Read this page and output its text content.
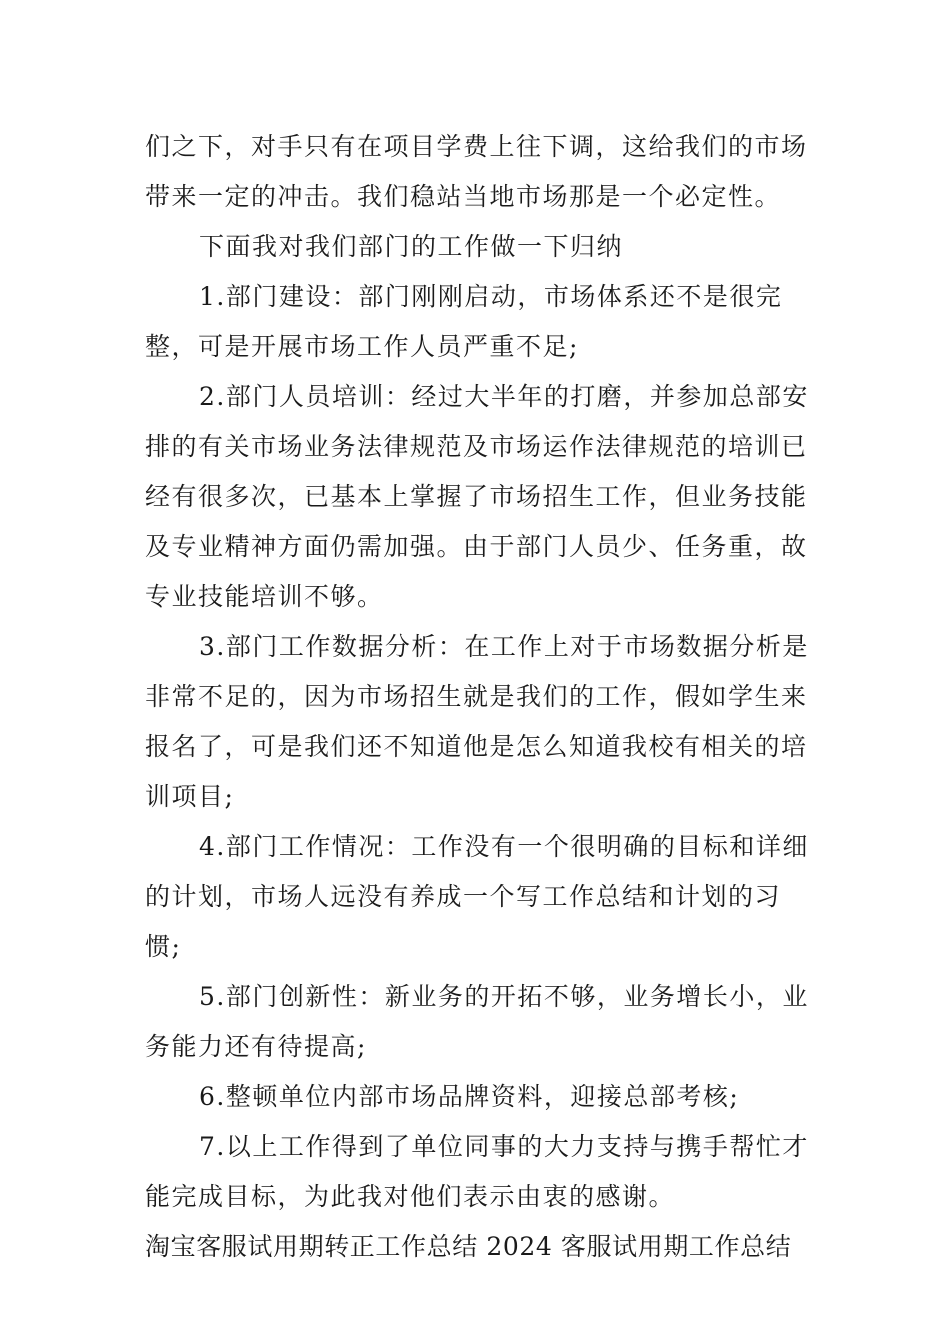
们之下，对手只有在项目学费上往下调，这给我们的市场带来一定的冲击。我们稳站当地市场那是一个必定性。

下面我对我们部门的工作做一下归纳

1.部门建设：部门刚刚启动，市场体系还不是很完整，可是开展市场工作人员严重不足;

2.部门人员培训：经过大半年的打磨，并参加总部安排的有关市场业务法律规范及市场运作法律规范的培训已经有很多次，已基本上掌握了市场招生工作，但业务技能及专业精神方面仍需加强。由于部门人员少、任务重，故专业技能培训不够。

3.部门工作数据分析：在工作上对于市场数据分析是非常不足的，因为市场招生就是我们的工作，假如学生来报名了，可是我们还不知道他是怎么知道我校有相关的培训项目;

4.部门工作情况：工作没有一个很明确的目标和详细的计划，市场人远没有养成一个写工作总结和计划的习惯;

5.部门创新性：新业务的开拓不够，业务增长小，业务能力还有待提高;

6.整顿单位内部市场品牌资料，迎接总部考核;

7.以上工作得到了单位同事的大力支持与携手帮忙才能完成目标，为此我对他们表示由衷的感谢。

淘宝客服试用期转正工作总结 2024 客服试用期工作总结
